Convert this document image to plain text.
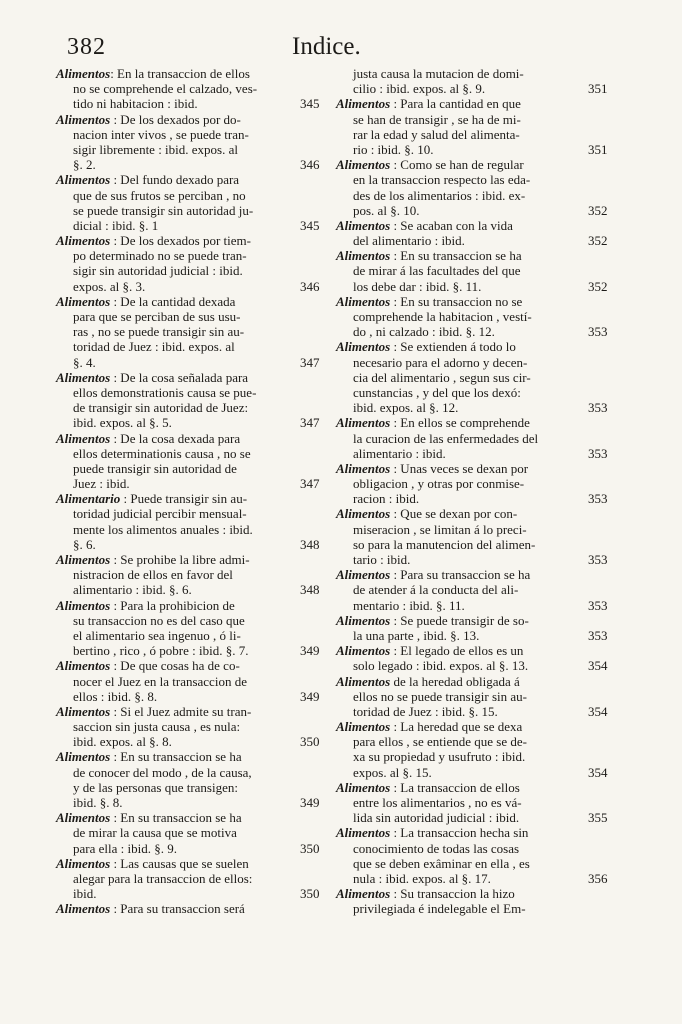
382	Indice.
Alimentos: En la transaccion de ellos
no se comprehende el calzado, ves-
tido ni habitacion : ibid.	345
Alimentos : De los dexados por do-
nacion inter vivos , se puede tran-
sigir libremente : ibid. expos. al
§. 2.	346
Alimentos : Del fundo dexado para
que de sus frutos se perciban , no
se puede transigir sin autoridad ju-
dicial : ibid. §. 1	345
Alimentos : De los dexados por tiem-
po determinado no se puede tran-
sigir sin autoridad judicial : ibid.
expos. al §. 3.	346
Alimentos : De la cantidad dexada
para que se perciban de sus usu-
ras , no se puede transigir sin au-
toridad de Juez : ibid. expos. al
§. 4.	347
Alimentos : De la cosa señalada para
ellos demonstrationis causa se pue-
de transigir sin autoridad de Juez:
ibid. expos. al §. 5.	347
Alimentos : De la cosa dexada para
ellos determinationis causa , no se
puede transigir sin autoridad de
Juez : ibid.	347
Alimentario : Puede transigir sin au-
toridad judicial percibir mensual-
mente los alimentos anuales : ibid.
§. 6.	348
Alimentos : Se prohibe la libre admi-
nistracion de ellos en favor del
alimentario : ibid. §. 6.	348
Alimentos : Para la prohibicion de
su transaccion no es del caso que
el alimentario sea ingenuo , ó li-
bertino , rico , ó pobre : ibid. §. 7.	349
Alimentos : De que cosas ha de co-
nocer el Juez en la transaccion de
ellos : ibid. §. 8.	349
Alimentos : Si el Juez admite su tran-
saccion sin justa causa , es nula:
ibid. expos. al §. 8.	350
Alimentos : En su transaccion se ha
de conocer del modo , de la causa,
y de las personas que transigen:
ibid. §. 8.	349
Alimentos : En su transaccion se ha
de mirar la causa que se motiva
para ella : ibid. §. 9.	350
Alimentos : Las causas que se suelen
alegar para la transaccion de ellos:
ibid.	350
Alimentos : Para su transaccion será
justa causa la mutacion de domi-
cilio : ibid. expos. al §. 9.	351
Alimentos : Para la cantidad en que
se han de transigir , se ha de mi-
rar la edad y salud del alimenta-
rio : ibid. §. 10.	351
Alimentos : Como se han de regular
en la transaccion respecto las eda-
des de los alimentarios : ibid. ex-
pos. al §. 10.	352
Alimentos : Se acaban con la vida
del alimentario : ibid.	352
Alimentos : En su transaccion se ha
de mirar á las facultades del que
los debe dar : ibid. §. 11.	352
Alimentos : En su transaccion no se
comprehende la habitacion , vestí-
do , ni calzado : ibid. §. 12.	353
Alimentos : Se extienden á todo lo
necesario para el adorno y decen-
cia del alimentario , segun sus cir-
cunstancias , y del que los dexó:
ibid. expos. al §. 12.	353
Alimentos : En ellos se comprehende
la curacion de las enfermedades del
alimentario : ibid.	353
Alimentos : Unas veces se dexan por
obligacion , y otras por conmise-
racion : ibid.	353
Alimentos : Que se dexan por con-
miseracion , se limitan á lo preci-
so para la manutencion del alimen-
tario : ibid.	353
Alimentos : Para su transaccion se ha
de atender á la conducta del ali-
mentario : ibid. §. 11.	353
Alimentos : Se puede transigir de so-
la una parte , ibid. §. 13.	353
Alimentos : El legado de ellos es un
solo legado : ibid. expos. al §. 13.	354
Alimentos de la heredad obligada á
ellos no se puede transigir sin au-
toridad de Juez : ibid. §. 15.	354
Alimentos : La heredad que se dexa
para ellos , se entiende que se de-
xa su propiedad y usufruto : ibid.
expos. al §. 15.	354
Alimentos : La transaccion de ellos
entre los alimentarios , no es vá-
lida sin autoridad judicial : ibid.	355
Alimentos : La transaccion hecha sin
conocimiento de todas las cosas
que se deben exâminar en ella , es
nula : ibid. expos. al §. 17.	356
Alimentos : Su transaccion la hizo
privilegiada é indelegable el Em-
